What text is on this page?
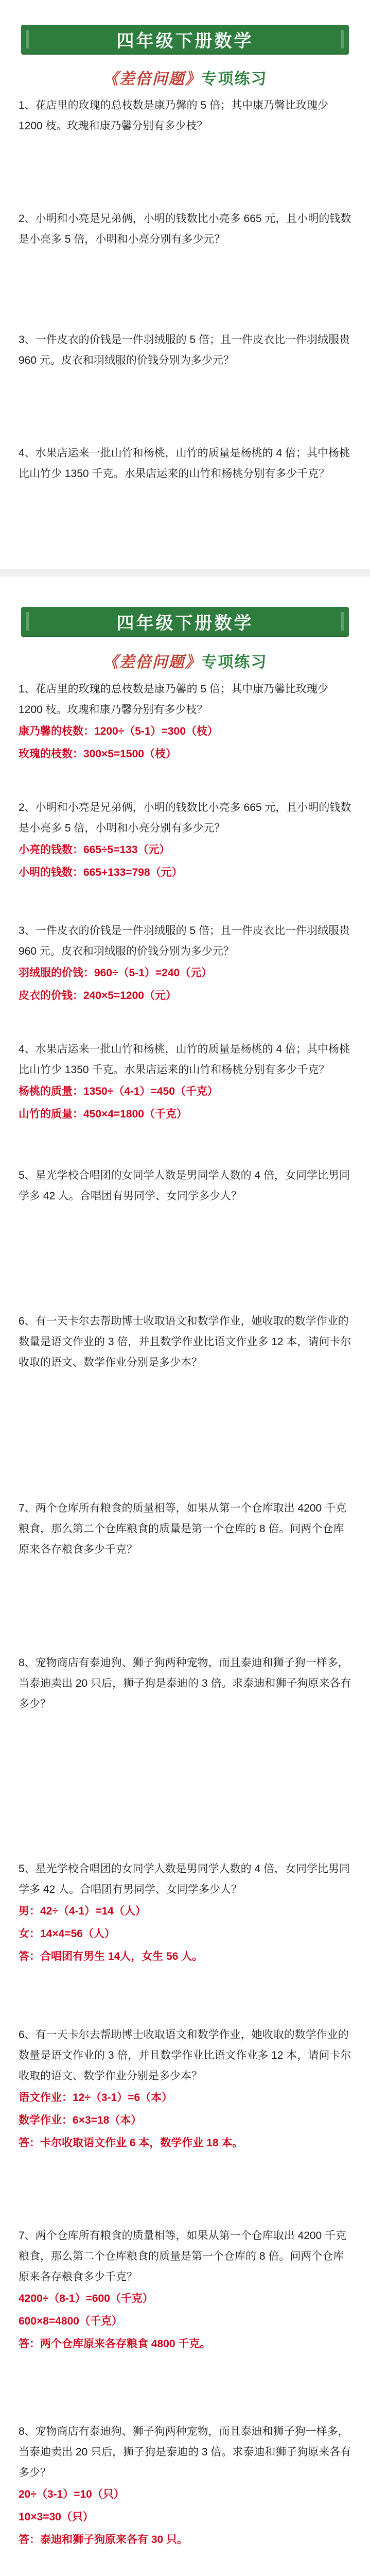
四年级下册数学
《差倍问题》专项练习

1、花店里的玫瑰的总枝数是康乃馨的 5 倍；其中康乃馨比玫瑰少 1200 枝。玫瑰和康乃馨分别有多少枝？

2、小明和小亮是兄弟俩，小明的钱数比小亮多 665 元，且小明的钱数是小亮多 5 倍，小明和小亮分别有多少元？

3、一件皮衣的价钱是一件羽绒服的 5 倍；且一件皮衣比一件羽绒服贵 960 元。皮衣和羽绒服的价钱分别为多少元？

4、水果店运来一批山竹和杨桃，山竹的质量是杨桃的 4 倍；其中杨桃比山竹少 1350 千克。水果店运来的山竹和杨桃分别有多少千克？

四年级下册数学
《差倍问题》专项练习

1、花店里的玫瑰的总枝数是康乃馨的 5 倍；其中康乃馨比玫瑰少 1200 枝。玫瑰和康乃馨分别有多少枝？

康乃馨的枝数：1200÷（5-1）=300（枝）

玫瑰的枝数：300×5=1500（枝）

2、小明和小亮是兄弟俩，小明的钱数比小亮多 665 元，且小明的钱数是小亮多 5 倍，小明和小亮分别有多少元？

小亮的钱数：665÷5=133（元）

小明的钱数：665+133=798（元）

3、一件皮衣的价钱是一件羽绒服的 5 倍；且一件皮衣比一件羽绒服贵 960 元。皮衣和羽绒服的价钱分别为多少元？

羽绒服的价钱：960÷（5-1）=240（元）

皮衣的价钱：240×5=1200（元）

4、水果店运来一批山竹和杨桃，山竹的质量是杨桃的 4 倍；其中杨桃比山竹少 1350 千克。水果店运来的山竹和杨桃分别有多少千克？

杨桃的质量：1350÷（4-1）=450（千克）

山竹的质量：450×4=1800（千克）

5、星光学校合唱团的女同学人数是男同学人数的 4 倍，女同学比男同学多 42 人。合唱团有男同学、女同学多少人？

6、有一天卡尔去帮助博士收取语文和数学作业，她收取的数学作业的数量是语文作业的 3 倍，并且数学作业比语文作业多 12 本，请问卡尔收取的语文、数学作业分别是多少本？

7、两个仓库所有粮食的质量相等，如果从第一个仓库取出 4200 千克粮食，那么第二个仓库粮食的质量是第一个仓库的 8 倍。问两个仓库原来各存粮食多少千克？

8、宠物商店有泰迪狗、狮子狗两种宠物，而且泰迪和狮子狗一样多，当泰迪卖出 20 只后，狮子狗是泰迪的 3 倍。求泰迪和狮子狗原来各有多少？

5、星光学校合唱团的女同学人数是男同学人数的 4 倍，女同学比男同学多 42 人。合唱团有男同学、女同学多少人？

男：42÷（4-1）=14（人）

女：14×4=56（人）

答：合唱团有男生 14人，女生 56 人。

6、有一天卡尔去帮助博士收取语文和数学作业，她收取的数学作业的数量是语文作业的 3 倍，并且数学作业比语文作业多 12 本，请问卡尔收取的语文、数学作业分别是多少本？

语文作业：12÷（3-1）=6（本）

数学作业：6×3=18（本）

答：卡尔收取语文作业 6 本，数学作业 18 本。

7、两个仓库所有粮食的质量相等，如果从第一个仓库取出 4200 千克粮食，那么第二个仓库粮食的质量是第一个仓库的 8 倍。问两个仓库原来各存粮食多少千克？

4200÷（8-1）=600（千克）

600×8=4800（千克）

答：两个仓库原来各存粮食 4800 千克。

8、宠物商店有泰迪狗、狮子狗两种宠物，而且泰迪和狮子狗一样多，当泰迪卖出 20 只后，狮子狗是泰迪的 3 倍。求泰迪和狮子狗原来各有多少？

20÷（3-1）=10（只）

10×3=30（只）

答：泰迪和狮子狗原来各有 30 只。
